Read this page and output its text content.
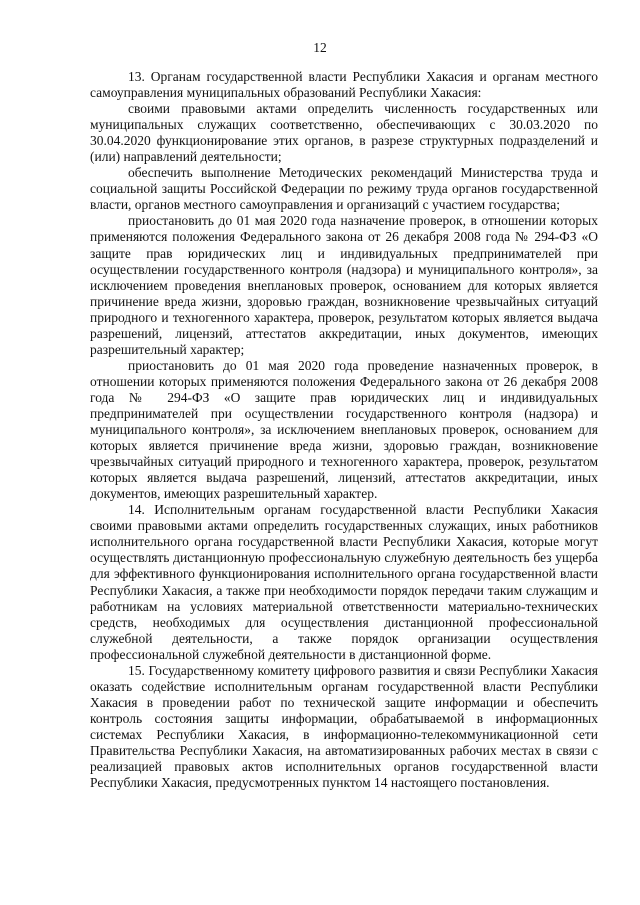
12

13. Органам государственной власти Республики Хакасия и органам местного самоуправления муниципальных образований Республики Хакасия:

своими правовыми актами определить численность государственных или муниципальных служащих соответственно, обеспечивающих с 30.03.2020 по 30.04.2020 функционирование этих органов, в разрезе структурных подразделений и (или) направлений деятельности;

обеспечить выполнение Методических рекомендаций Министерства труда и социальной защиты Российской Федерации по режиму труда органов государственной власти, органов местного самоуправления и организаций с участием государства;

приостановить до 01 мая 2020 года назначение проверок, в отношении которых применяются положения Федерального закона от 26 декабря 2008 года № 294-ФЗ «О защите прав юридических лиц и индивидуальных предпринимателей при осуществлении государственного контроля (надзора) и муниципального контроля», за исключением проведения внеплановых проверок, основанием для которых является причинение вреда жизни, здоровью граждан, возникновение чрезвычайных ситуаций природного и техногенного характера, проверок, результатом которых является выдача разрешений, лицензий, аттестатов аккредитации, иных документов, имеющих разрешительный характер;

приостановить до 01 мая 2020 года проведение назначенных проверок, в отношении которых применяются положения Федерального закона от 26 декабря 2008 года № 294-ФЗ «О защите прав юридических лиц и индивидуальных предпринимателей при осуществлении государственного контроля (надзора) и муниципального контроля», за исключением внеплановых проверок, основанием для которых является причинение вреда жизни, здоровью граждан, возникновение чрезвычайных ситуаций природного и техногенного характера, проверок, результатом которых является выдача разрешений, лицензий, аттестатов аккредитации, иных документов, имеющих разрешительный характер.

14. Исполнительным органам государственной власти Республики Хакасия своими правовыми актами определить государственных служащих, иных работников исполнительного органа государственной власти Республики Хакасия, которые могут осуществлять дистанционную профессиональную служебную деятельность без ущерба для эффективного функционирования исполнительного органа государственной власти Республики Хакасия, а также при необходимости порядок передачи таким служащим и работникам на условиях материальной ответственности материально-технических средств, необходимых для осуществления дистанционной профессиональной служебной деятельности, а также порядок организации осуществления профессиональной служебной деятельности в дистанционной форме.

15. Государственному комитету цифрового развития и связи Республики Хакасия оказать содействие исполнительным органам государственной власти Республики Хакасия в проведении работ по технической защите информации и обеспечить контроль состояния защиты информации, обрабатываемой в информационных системах Республики Хакасия, в информационно-телекоммуникационной сети Правительства Республики Хакасия, на автоматизированных рабочих местах в связи с реализацией правовых актов исполнительных органов государственной власти Республики Хакасия, предусмотренных пунктом 14 настоящего постановления.
